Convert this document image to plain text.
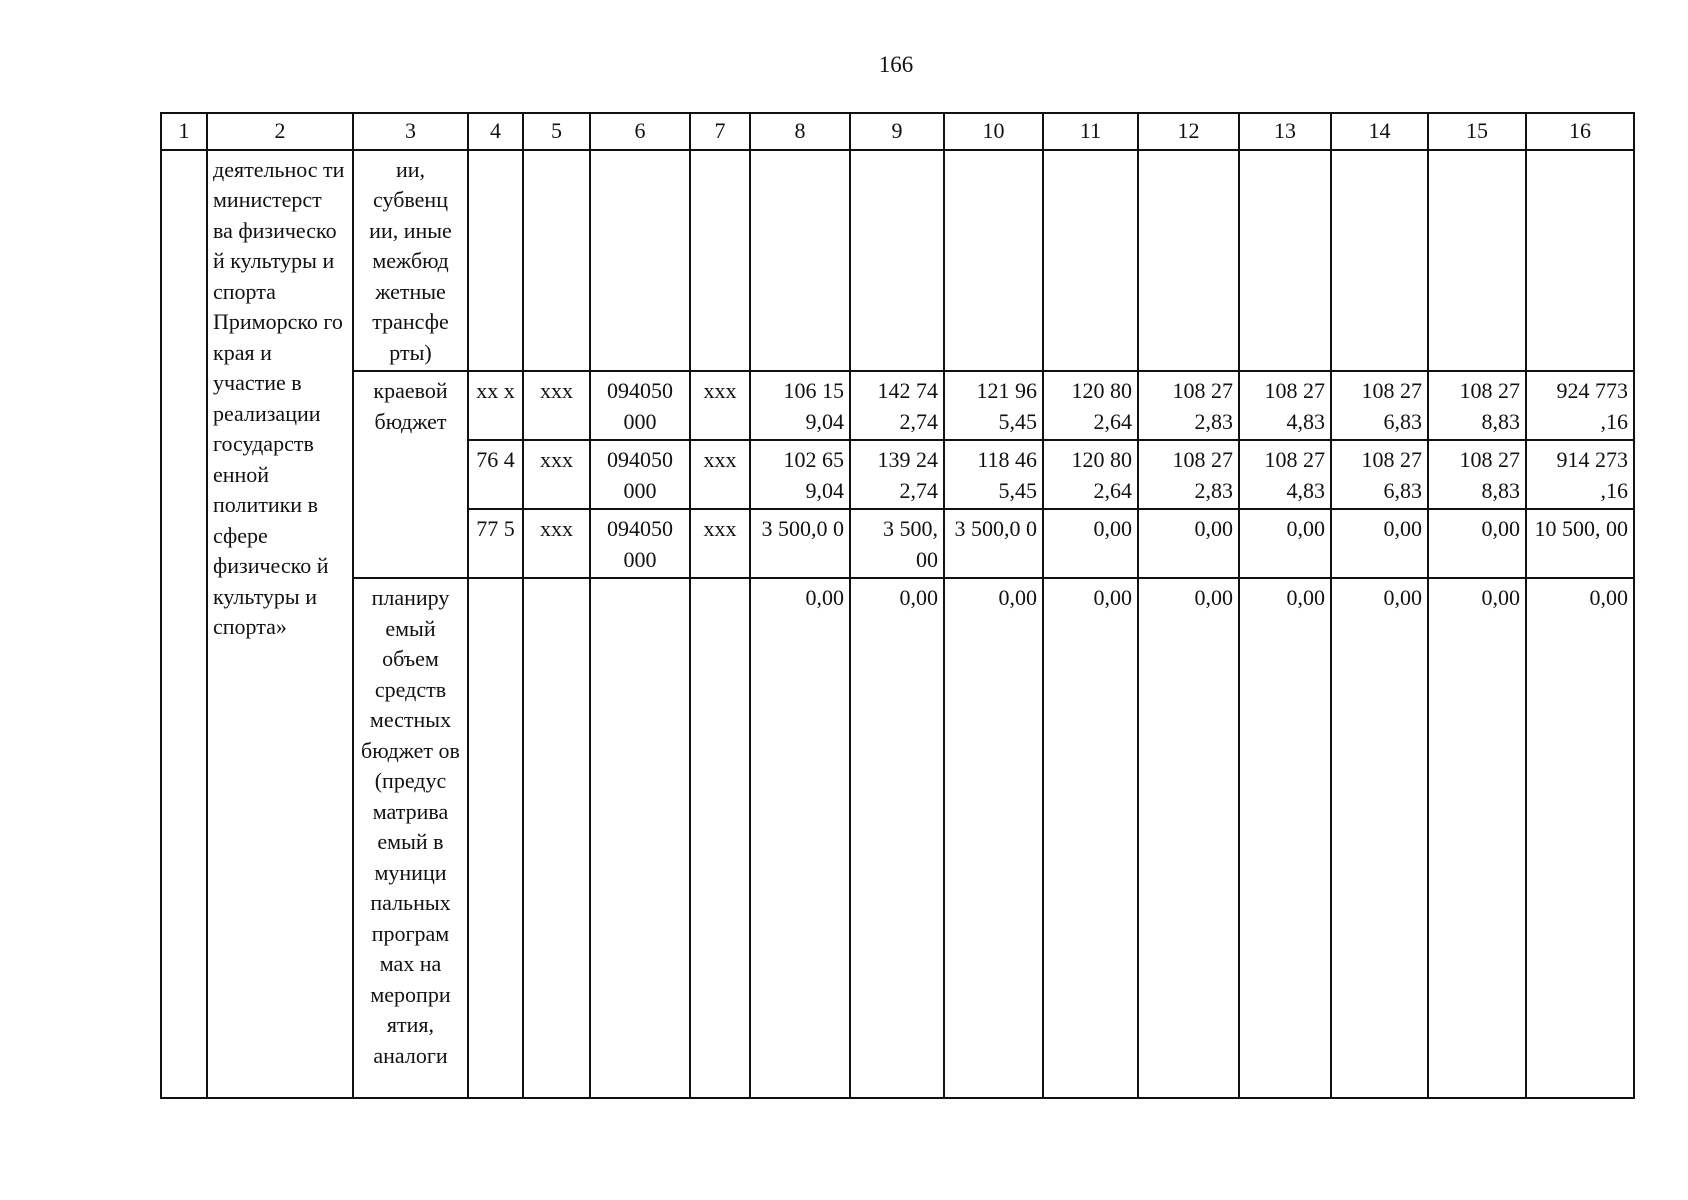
166
1	2	3	4	5	6	7	8	9	10	11	12	13	14	15	16
	деятельнос ти министерст ва физическо й культуры и спорта Приморско го края и участие в реализации государств енной политики в сфере физическо й культуры и спорта»	ии, субвенц ии, иные межбюд жетные трансфе рты)													
		краевой бюджет	xx x	xxx	094050 000	xxx	106 15 9,04	142 74 2,74	121 96 5,45	120 80 2,64	108 27 2,83	108 27 4,83	108 27 6,83	108 27 8,83	924 773 ,16
			76 4	xxx	094050 000	xxx	102 65 9,04	139 24 2,74	118 46 5,45	120 80 2,64	108 27 2,83	108 27 4,83	108 27 6,83	108 27 8,83	914 273 ,16
			77 5	xxx	094050 000	xxx	3 500,0 0	3 500, 00	3 500,0 0	0,00	0,00	0,00	0,00	0,00	10 500, 00
		планиру емый объем средств местных бюджет ов (предус матрива емый в муници пальных програм мах на меропри ятия, аналоги					0,00	0,00	0,00	0,00	0,00	0,00	0,00	0,00	0,00
